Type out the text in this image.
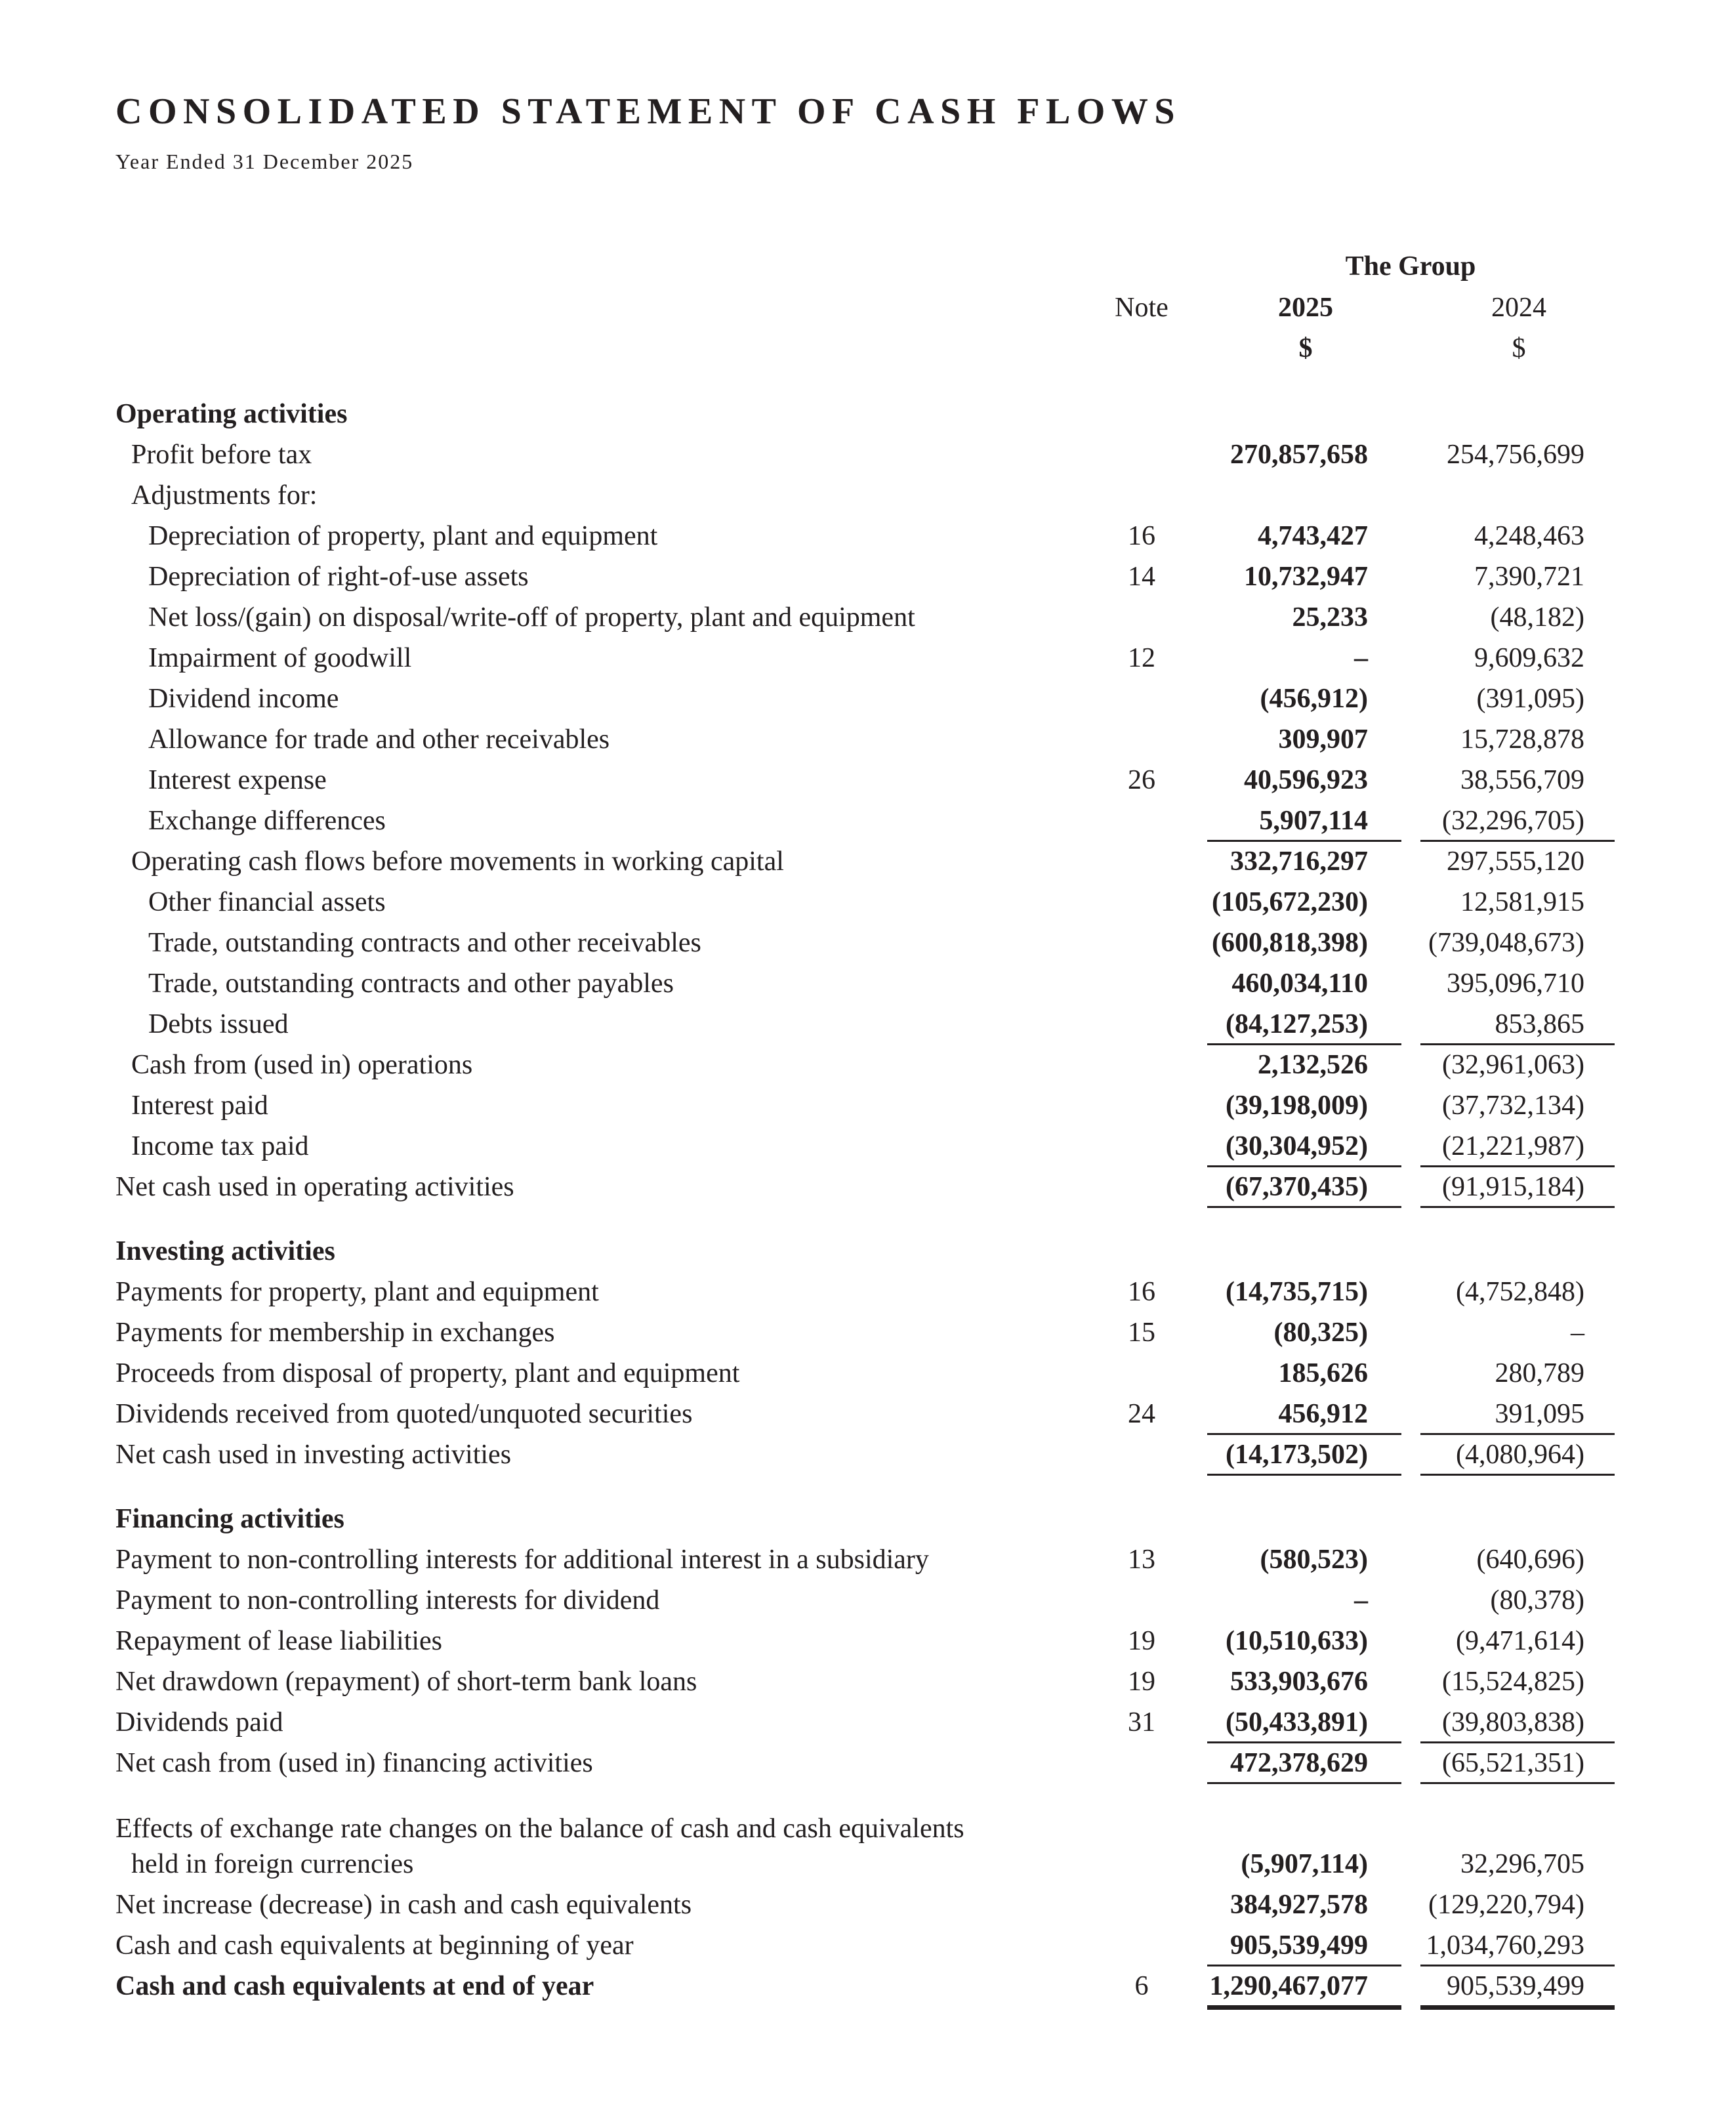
CONSOLIDATED STATEMENT OF CASH FLOWS
Year Ended 31 December 2025
The Group
Note	2025	2024
$	$
Operating activities
Profit before tax	270,857,658	254,756,699
Adjustments for:
Depreciation of property, plant and equipment	16	4,743,427	4,248,463
Depreciation of right-of-use assets	14	10,732,947	7,390,721
Net loss/(gain) on disposal/write-off of property, plant and equipment	25,233	(48,182)
Impairment of goodwill	12	–	9,609,632
Dividend income	(456,912)	(391,095)
Allowance for trade and other receivables	309,907	15,728,878
Interest expense	26	40,596,923	38,556,709
Exchange differences	5,907,114	(32,296,705)
Operating cash flows before movements in working capital	332,716,297	297,555,120
Other financial assets	(105,672,230)	12,581,915
Trade, outstanding contracts and other receivables	(600,818,398) (739,048,673)
Trade, outstanding contracts and other payables	460,034,110	395,096,710
Debts issued	(84,127,253)	853,865
Cash from (used in) operations	2,132,526	(32,961,063)
Interest paid	(39,198,009)	(37,732,134)
Income tax paid	(30,304,952)	(21,221,987)
Net cash used in operating activities	(67,370,435)	(91,915,184)
Investing activities
Payments for property, plant and equipment	16	(14,735,715)	(4,752,848)
Payments for membership in exchanges	15	(80,325)	–
Proceeds from disposal of property, plant and equipment	185,626	280,789
Dividends received from quoted/unquoted securities	24	456,912	391,095
Net cash used in investing activities	(14,173,502)	(4,080,964)
Financing activities
Payment to non-controlling interests for additional interest in a subsidiary	13	(580,523)	(640,696)
Payment to non-controlling interests for dividend	–	(80,378)
Repayment of lease liabilities	19	(10,510,633)	(9,471,614)
Net drawdown (repayment) of short-term bank loans	19	533,903,676	(15,524,825)
Dividends paid	31	(50,433,891)	(39,803,838)
Net cash from (used in) financing activities	472,378,629	(65,521,351)
Effects of exchange rate changes on the balance of cash and cash equivalents
held in foreign currencies	(5,907,114)	32,296,705
Net increase (decrease) in cash and cash equivalents	384,927,578 (129,220,794)
Cash and cash equivalents at beginning of year	905,539,499 1,034,760,293
Cash and cash equivalents at end of year	6	1,290,467,077	905,539,499
